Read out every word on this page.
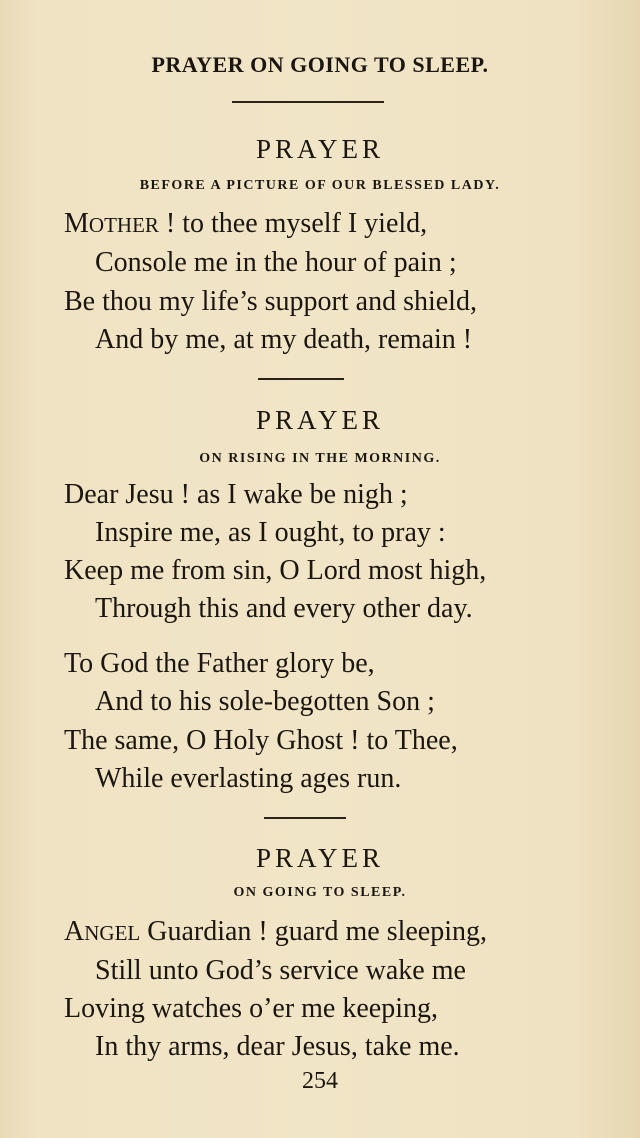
PRAYER ON GOING TO SLEEP.
PRAYER
BEFORE A PICTURE OF OUR BLESSED LADY.
MOTHER ! to thee myself I yield,
Console me in the hour of pain ;
Be thou my life’s support and shield,
And by me, at my death, remain !
PRAYER
ON RISING IN THE MORNING.
Dear Jesu ! as I wake be nigh ;
Inspire me, as I ought, to pray :
Keep me from sin, O Lord most high,
Through this and every other day.
To God the Father glory be,
And to his sole-begotten Son ;
The same, O Holy Ghost ! to Thee,
While everlasting ages run.
PRAYER
ON GOING TO SLEEP.
ANGEL Guardian ! guard me sleeping,
Still unto God’s service wake me
Loving watches o’er me keeping,
In thy arms, dear Jesus, take me.
254
